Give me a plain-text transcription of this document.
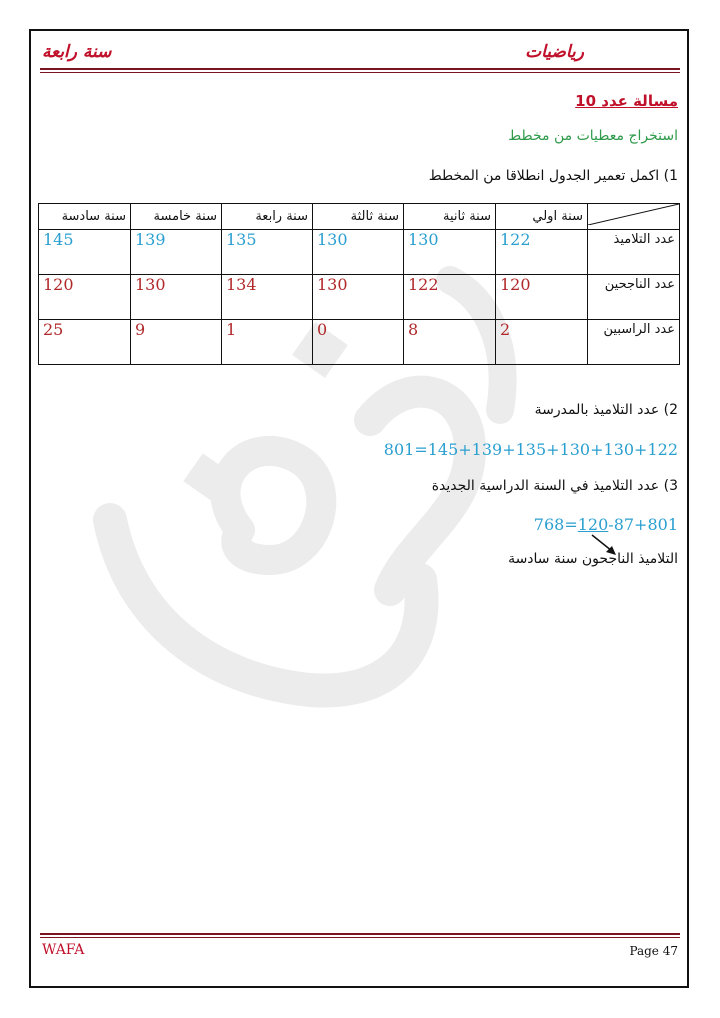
سنة رابعة	رياضيات
مسالة عدد 10
استخراج معطيات من مخطط
1) اكمل تعمير الجدول انطلاقا من المخطط
	سنة اولي	سنة ثانية	سنة ثالثة	سنة رابعة	سنة خامسة	سنة سادسة
عدد التلاميذ	122	130	130	135	139	145
عدد الناجحين	120	122	130	134	130	120
عدد الراسبين	2	8	0	1	9	25
2) عدد التلاميذ بالمدرسة
801=145+139+135+130+130+122
3) عدد التلاميذ في السنة الدراسية الجديدة
768=120-87+801
التلاميذ الناجحون سنة سادسة
WAFA	Page 47
